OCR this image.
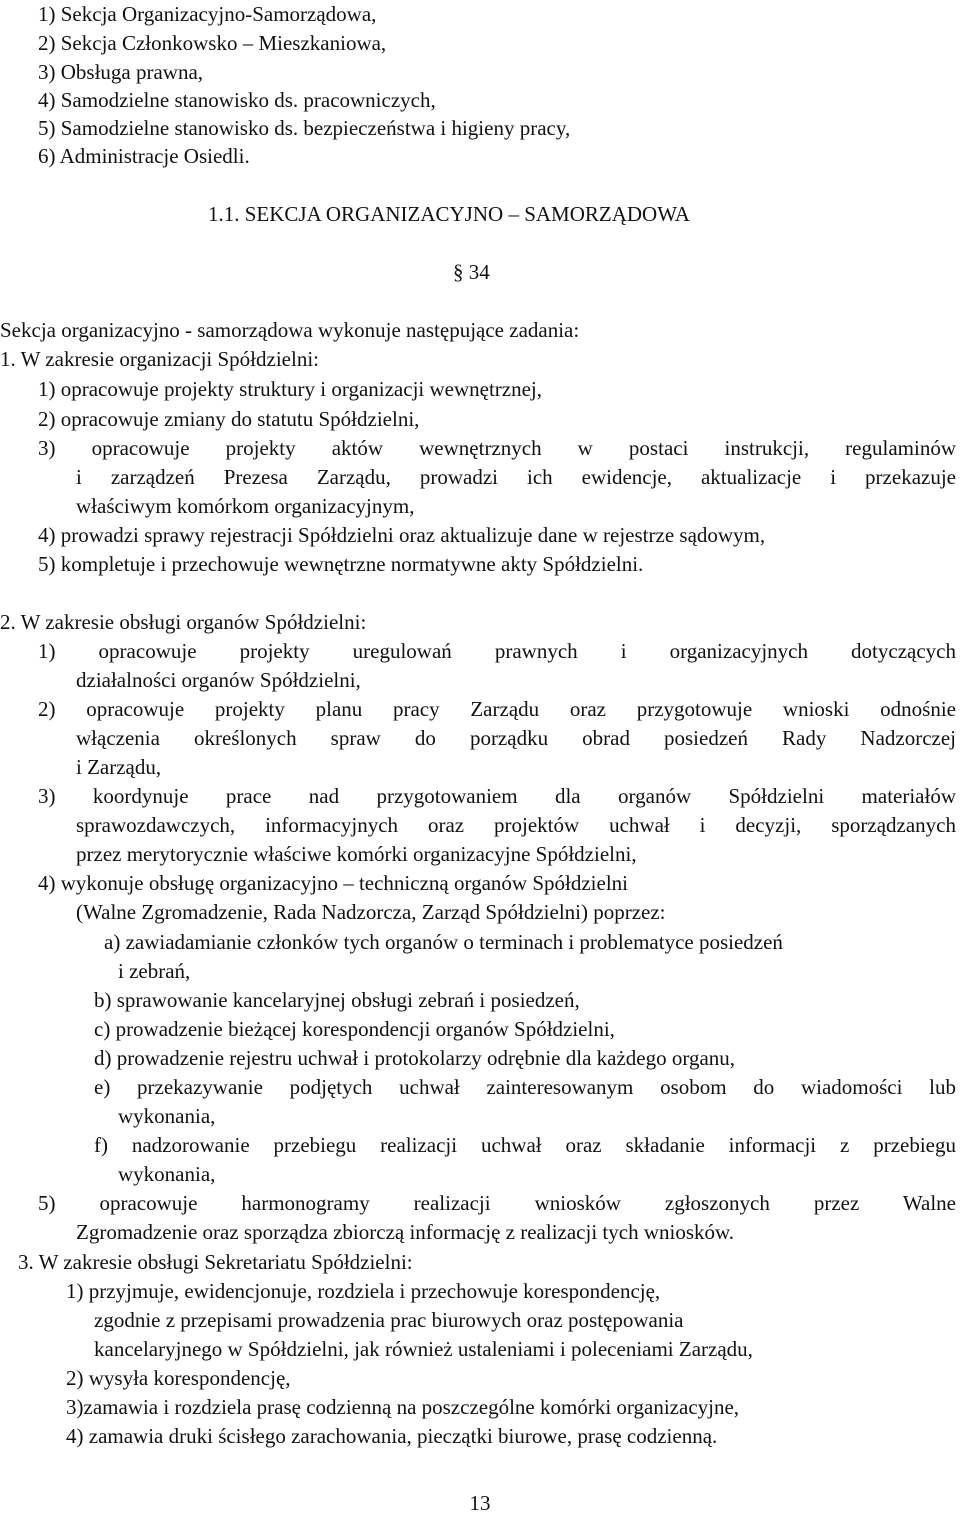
1) Sekcja Organizacyjno-Samorządowa,
2) Sekcja Członkowsko – Mieszkaniowa,
3) Obsługa prawna,
4) Samodzielne stanowisko ds. pracowniczych,
5) Samodzielne stanowisko ds. bezpieczeństwa i higieny pracy,
6) Administracje Osiedli.
1.1. SEKCJA ORGANIZACYJNO – SAMORZĄDOWA
§ 34
Sekcja organizacyjno - samorządowa wykonuje następujące zadania:
1. W zakresie organizacji Spółdzielni:
1) opracowuje projekty struktury i organizacji wewnętrznej,
2) opracowuje zmiany do statutu Spółdzielni,
3) opracowuje projekty aktów wewnętrznych w postaci instrukcji, regulaminów
i zarządzeń Prezesa Zarządu, prowadzi ich ewidencje, aktualizacje i przekazuje
właściwym komórkom organizacyjnym,
4) prowadzi sprawy rejestracji Spółdzielni oraz aktualizuje dane w rejestrze sądowym,
5) kompletuje i przechowuje wewnętrzne normatywne akty Spółdzielni.
2. W zakresie obsługi organów Spółdzielni:
1) opracowuje projekty uregulowań prawnych i organizacyjnych dotyczących
działalności organów Spółdzielni,
2) opracowuje projekty planu pracy Zarządu oraz przygotowuje wnioski odnośnie
włączenia określonych spraw do porządku obrad posiedzeń Rady Nadzorczej
i Zarządu,
3) koordynuje prace nad przygotowaniem dla organów Spółdzielni materiałów
sprawozdawczych, informacyjnych oraz projektów uchwał i decyzji, sporządzanych
przez merytorycznie właściwe komórki organizacyjne Spółdzielni,
4) wykonuje obsługę organizacyjno – techniczną organów Spółdzielni
(Walne Zgromadzenie, Rada Nadzorcza, Zarząd Spółdzielni) poprzez:
a) zawiadamianie członków tych organów o terminach i problematyce posiedzeń
i zebrań,
b) sprawowanie kancelaryjnej obsługi zebrań i posiedzeń,
c) prowadzenie bieżącej korespondencji organów Spółdzielni,
d) prowadzenie rejestru uchwał i protokolarzy odrębnie dla każdego organu,
e) przekazywanie podjętych uchwał zainteresowanym osobom do wiadomości lub
wykonania,
f) nadzorowanie przebiegu realizacji uchwał oraz składanie informacji z przebiegu
wykonania,
5) opracowuje harmonogramy realizacji wniosków zgłoszonych przez Walne
Zgromadzenie oraz sporządza zbiorczą informację z realizacji tych wniosków.
3. W zakresie obsługi Sekretariatu Spółdzielni:
1) przyjmuje, ewidencjonuje, rozdziela i przechowuje korespondencję,
zgodnie z przepisami prowadzenia prac biurowych oraz postępowania
kancelaryjnego w Spółdzielni, jak również ustaleniami i poleceniami Zarządu,
2) wysyła korespondencję,
3)zamawia i rozdziela prasę codzienną na poszczególne komórki organizacyjne,
4) zamawia druki ścisłego zarachowania, pieczątki biurowe, prasę codzienną.
13
